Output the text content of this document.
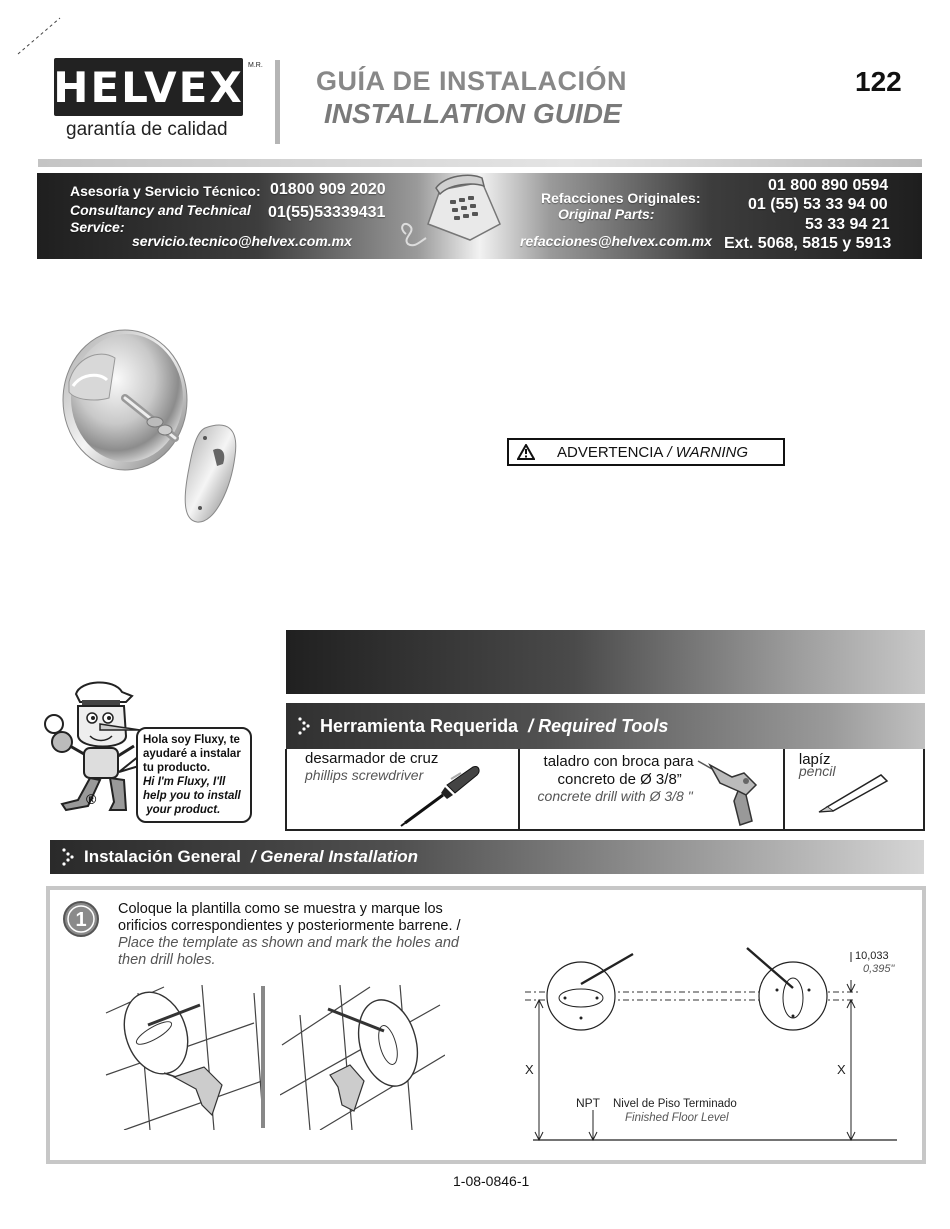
HELVEX M.R.
garantía de calidad
GUÍA DE INSTALACIÓN
INSTALLATION GUIDE
122
Asesoría y Servicio Técnico:
Consultancy and Technical Service:
01800 909 2020
01(55)53339431
servicio.tecnico@helvex.com.mx
Refacciones Originales:
Original Parts:
refacciones@helvex.com.mx
01 800 890 0594
01 (55) 53 33 94 00
53 33 94 21
Ext. 5068, 5815 y 5913
ADVERTENCIA / WARNING
Hola soy Fluxy, te
ayudaré a instalar
tu producto.
Hi I'm Fluxy, I'll
help you to install
your product.
®
Herramienta Requerida / Required Tools
desarmador de cruz
phillips screwdriver
taladro con broca para
concreto de Ø 3/8”
concrete drill with Ø 3/8 "
lapíz
pencil
Instalación General / General Installation
1 Coloque la plantilla como se muestra y marque los
orificios correspondientes y posteriormente barrene. /
Place the template as shown and mark the holes and
then drill holes.	10,033
0,395"
X	X
NPT Nivel de Piso Terminado
Finished Floor Level
1-08-0846-1
